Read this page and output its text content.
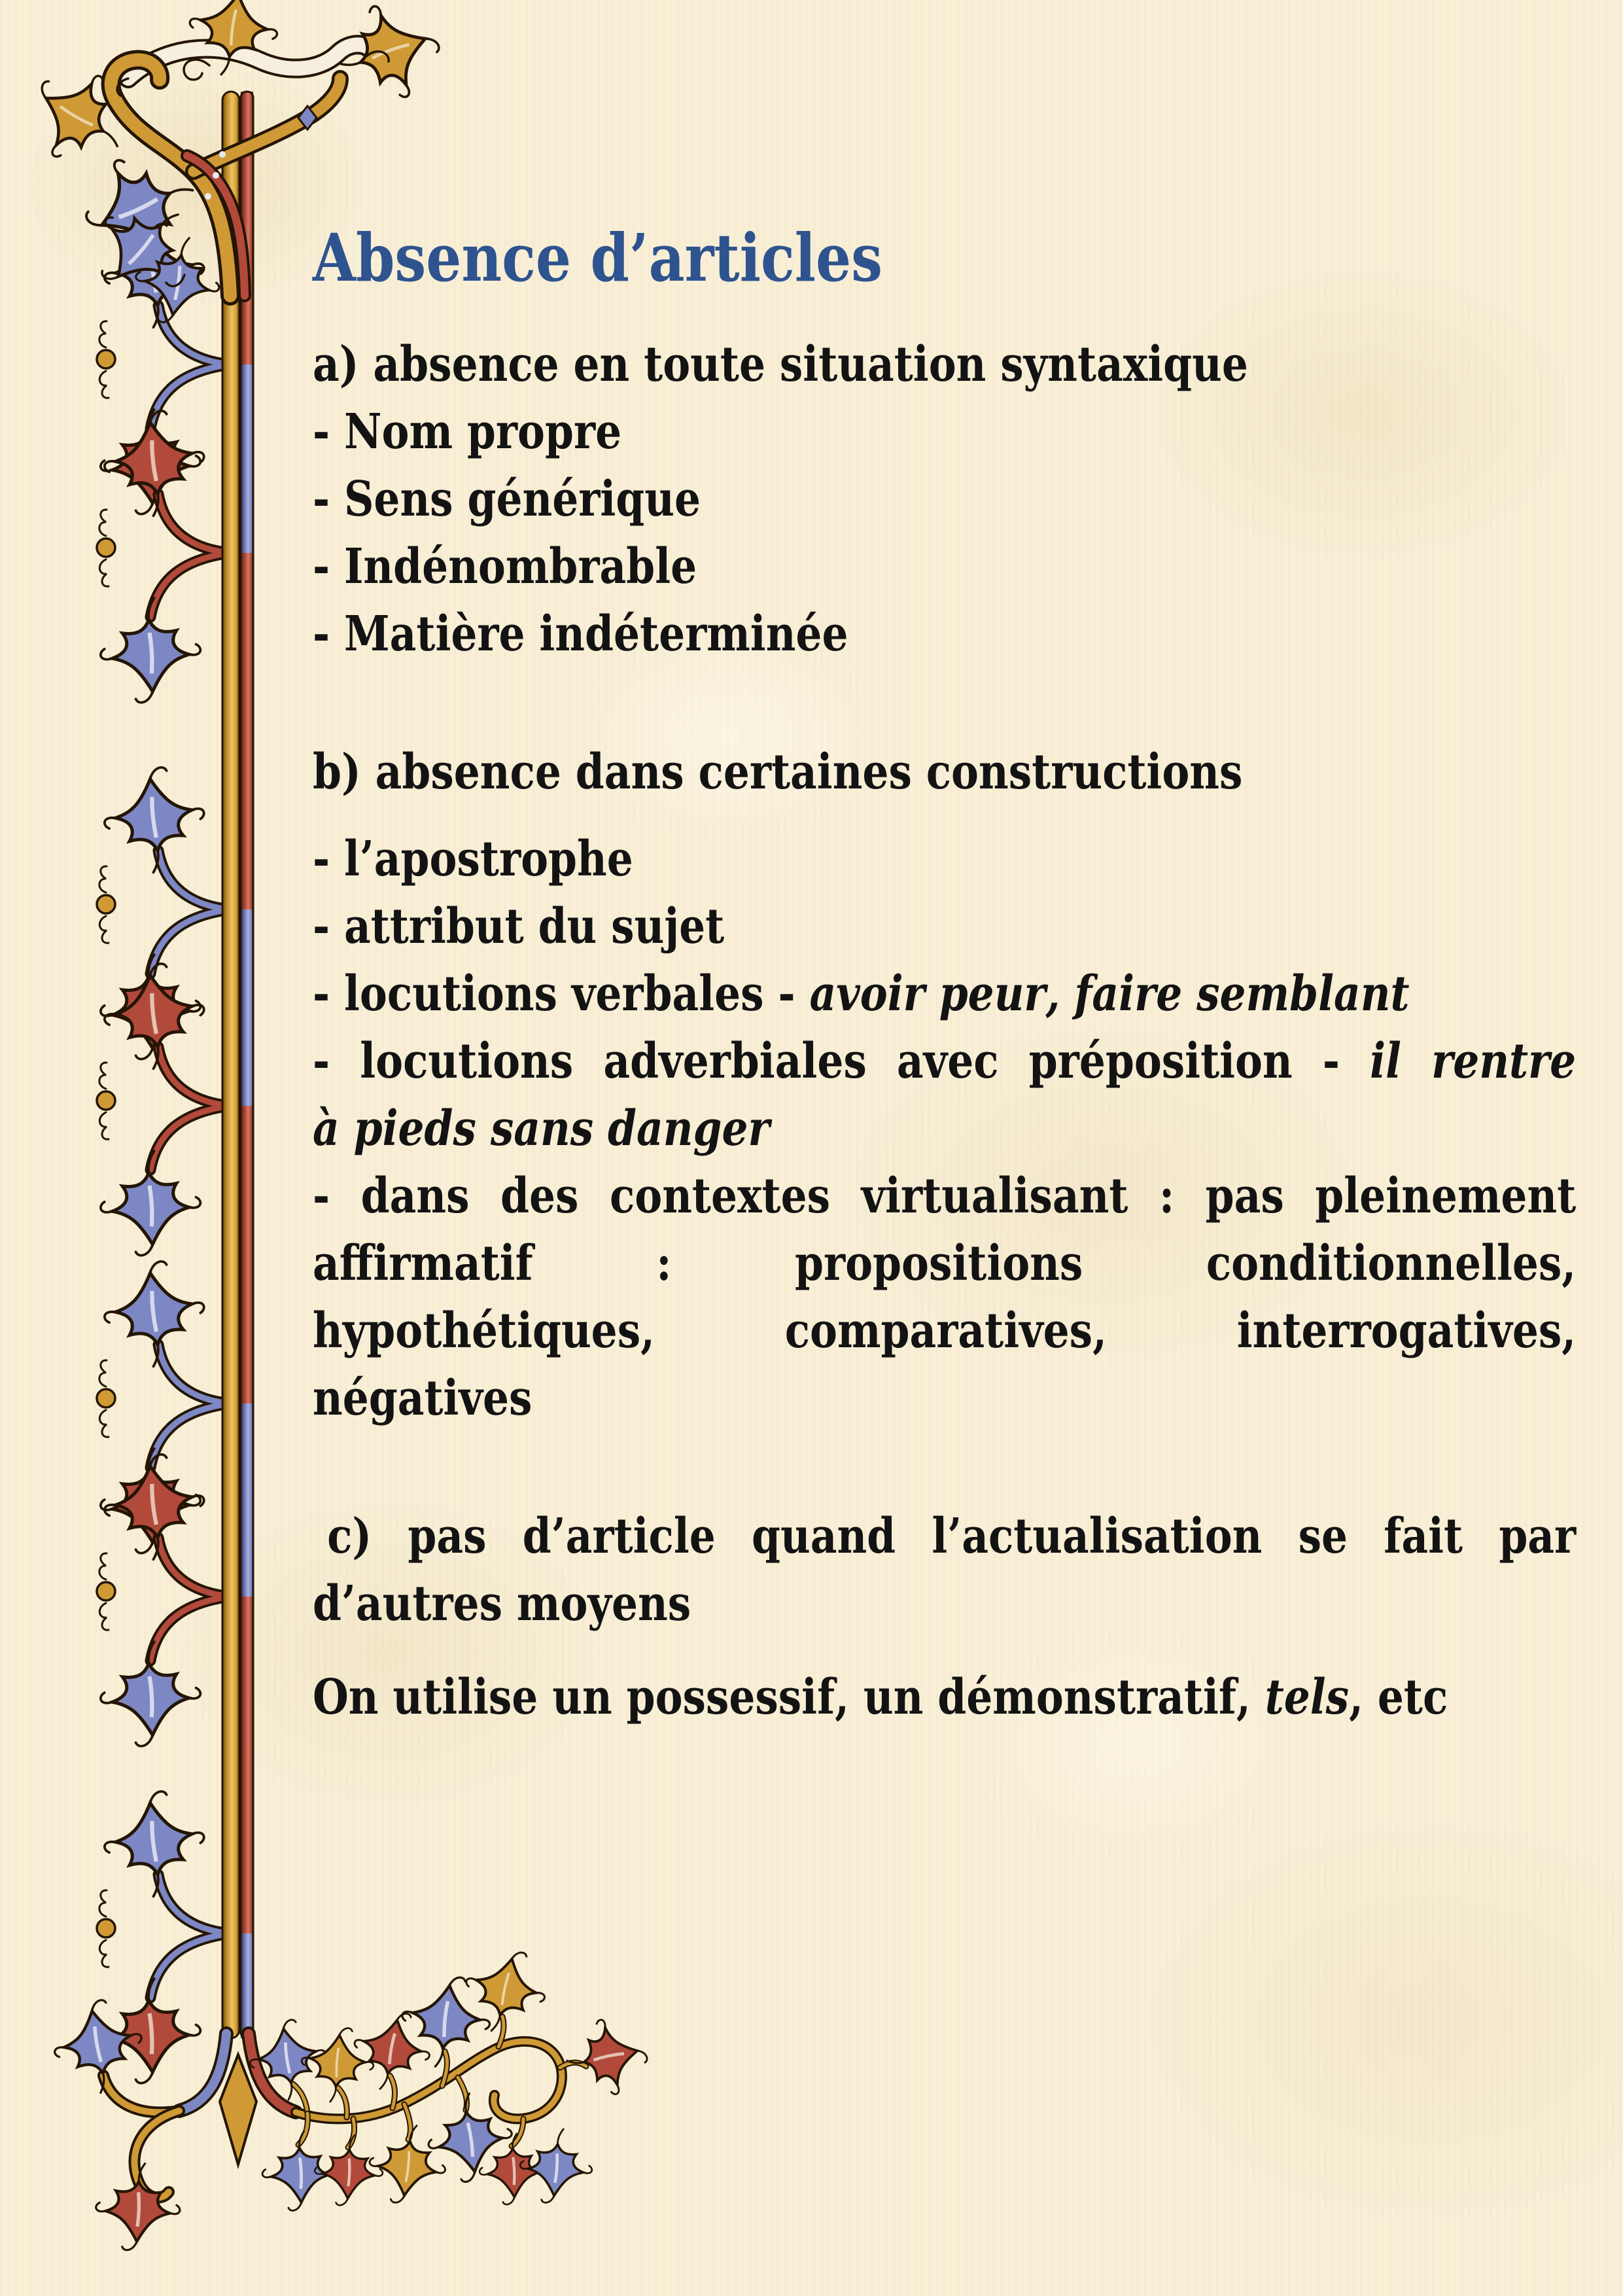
Absence d’articles

a) absence en toute situation syntaxique

- Nom propre

- Sens générique

- Indénombrable

- Matière indéterminée

b) absence dans certaines constructions

- l’apostrophe

- attribut du sujet

- locutions verbales - avoir peur, faire semblant

- locutions adverbiales avec préposition - il rentre

à pieds sans danger

- dans des contextes virtualisant : pas pleinement

affirmatif : propositions conditionnelles,

hypothétiques, comparatives, interrogatives,

négatives

c) pas d’article quand l’actualisation se fait par

d’autres moyens

On utilise un possessif, un démonstratif, tels, etc
